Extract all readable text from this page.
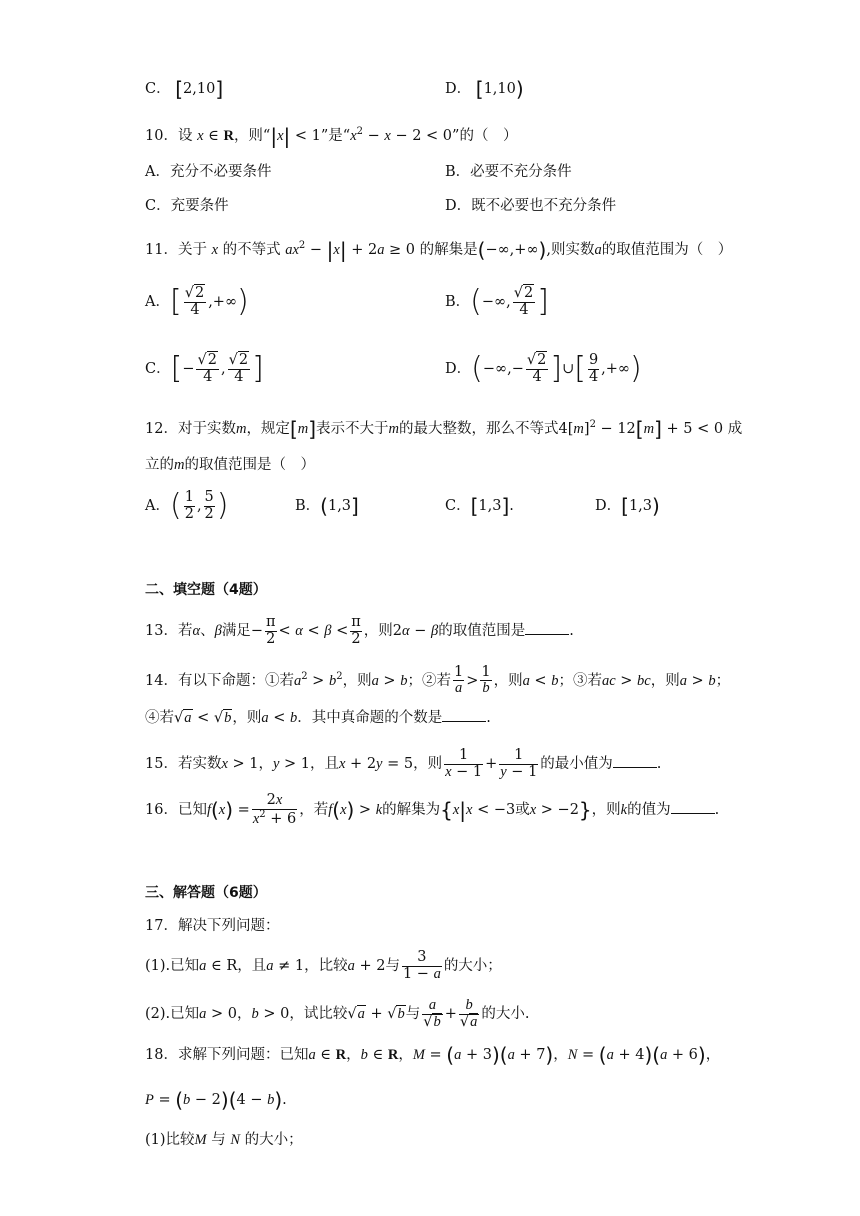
C． [2,10]	D． [1,10)
10．设 x ∈ R，则“|x| < 1”是“$x^2 - x - 2 < 0$”的（　）
A．充分不必要条件	B．必要不充分条件
C．充要条件	D．既不必要也不充分条件
11．关于 x 的不等式 $ax^2 - |x| + 2a \ge 0$ 的解集是(−∞,+∞),则实数a的取值范围为（　）
A．[ $\frac{√2}{4}$ ,+∞)	B．(−∞, $\frac{√2}{4}$ ]
C．[− $\frac{√2}{4}$ , $\frac{√2}{4}$ ]	D．(−∞,− $\frac{√2}{4}$ ]∪[ $\frac{9}{4}$ ,+∞)
12．对于实数m，规定[m]表示不大于m的最大整数，那么不等式$4[m]^2 - 12[m] + 5 < 0$ 成
立的m的取值范围是（　）
A．( $\frac{1}{2}$ , $\frac{5}{2}$ )	B．(1,3]	C．[1,3].	D．[1,3)
二、填空题（4题）
13．若α、β满足− $\frac{\pi}{2} < \alpha < \beta < \frac{\pi}{2}$ ，则2α − β的取值范围是	.
14．有以下命题：①若$a^2 > b^2$，则a > b；②若 $\frac{1}{a} > \frac{1}{b}$ ，则a < b；③若ac > bc，则a > b；
④若√a < √b，则a < b．其中真命题的个数是	.
15．若实数x > 1，y > 1，且x + 2y = 5，则 $\frac{1}{x - 1} + \frac{1}{y - 1}$ 的最小值为	.
16．已知$f(x) = \frac{2x}{x^2 + 6}$ ，若f(x) > k的解集为{x|x < −3或x > −2}，则k的值为	.
三、解答题（6题）
17．解决下列问题：
(1).已知a ∈ R，且a ≠ 1，比较a + 2与 $\frac{3}{1 - a}$ 的大小；
(2).已知a > 0，b > 0，试比较√a + √b与 $\frac{a}{√b} + \frac{b}{√a}$ 的大小.
18．求解下列问题：已知a ∈ R，b ∈ R，M = (a + 3)(a + 7)，N = (a + 4)(a + 6)，
P = (b − 2)(4 − b).
(1)比较M 与 N 的大小；
